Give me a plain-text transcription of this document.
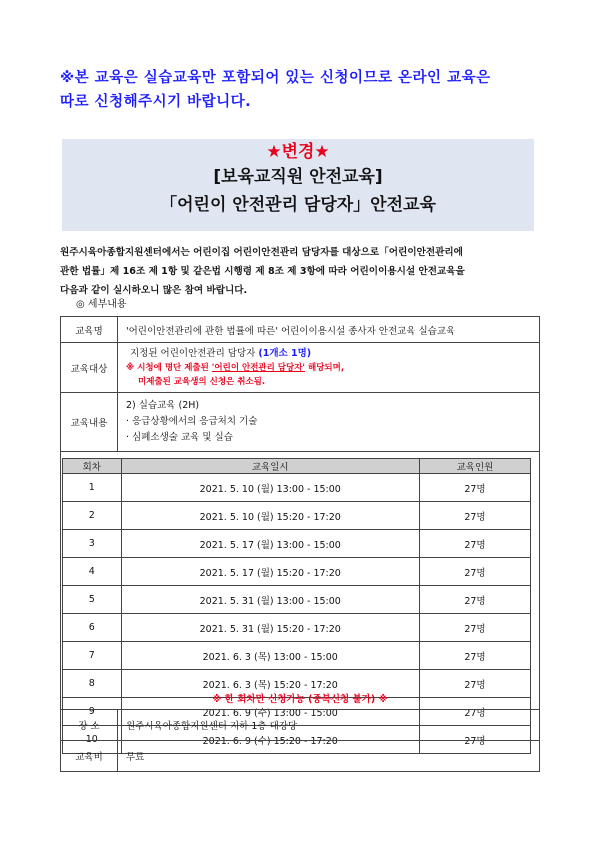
※본 교육은 실습교육만 포함되어 있는 신청이므로 온라인 교육은
따로 신청해주시기 바랍니다.
★변경★
[보육교직원 안전교육]
「어린이 안전관리 담당자」안전교육
원주시육아종합지원센터에서는 어린이집 어린이안전관리 담당자를 대상으로「어린이안전관리에
관한 법률」제 16조 제 1항 및 같은법 시행령 제 8조 제 3항에 따라 어린이이용시설 안전교육을
다음과 같이 실시하오니 많은 참여 바랍니다.
◎ 세부내용
교육명	'어린이안전관리에 관한 법률에 따른' 어린이이용시설 종사자 안전교육 실습교육
교육대상	지정된 어린이안전관리 담당자 (1개소 1명)
※ 시청에 명단 제출된 '어린이 안전관리 담당자' 해당되며,
미제출된 교육생의 신청은 취소됨.

교육내용	2) 실습교육 (2H)
· 응급상황에서의 응급처치 기술
· 심폐소생술 교육 및 실습

회차	교육일시	교육인원
1	2021. 5. 10 (월) 13:00 - 15:00	27명
2	2021. 5. 10 (월) 15:20 - 17:20	27명
3	2021. 5. 17 (월) 13:00 - 15:00	27명
4	2021. 5. 17 (월) 15:20 - 17:20	27명
5	2021. 5. 31 (월) 13:00 - 15:00	27명
6	2021. 5. 31 (월) 15:20 - 17:20	27명
7	2021. 6. 3 (목) 13:00 - 15:00	27명
8	2021. 6. 3 (목) 15:20 - 17:20	27명
9	2021. 6. 9 (수) 13:00 - 15:00	27명
10	2021. 6. 9 (수) 15:20 - 17:20	27명
※ 한 회차만 신청가능 (중복신청 불가) ※
장 소	원주시육아종합지원센터 지하 1층 대강당
교육비	무료
